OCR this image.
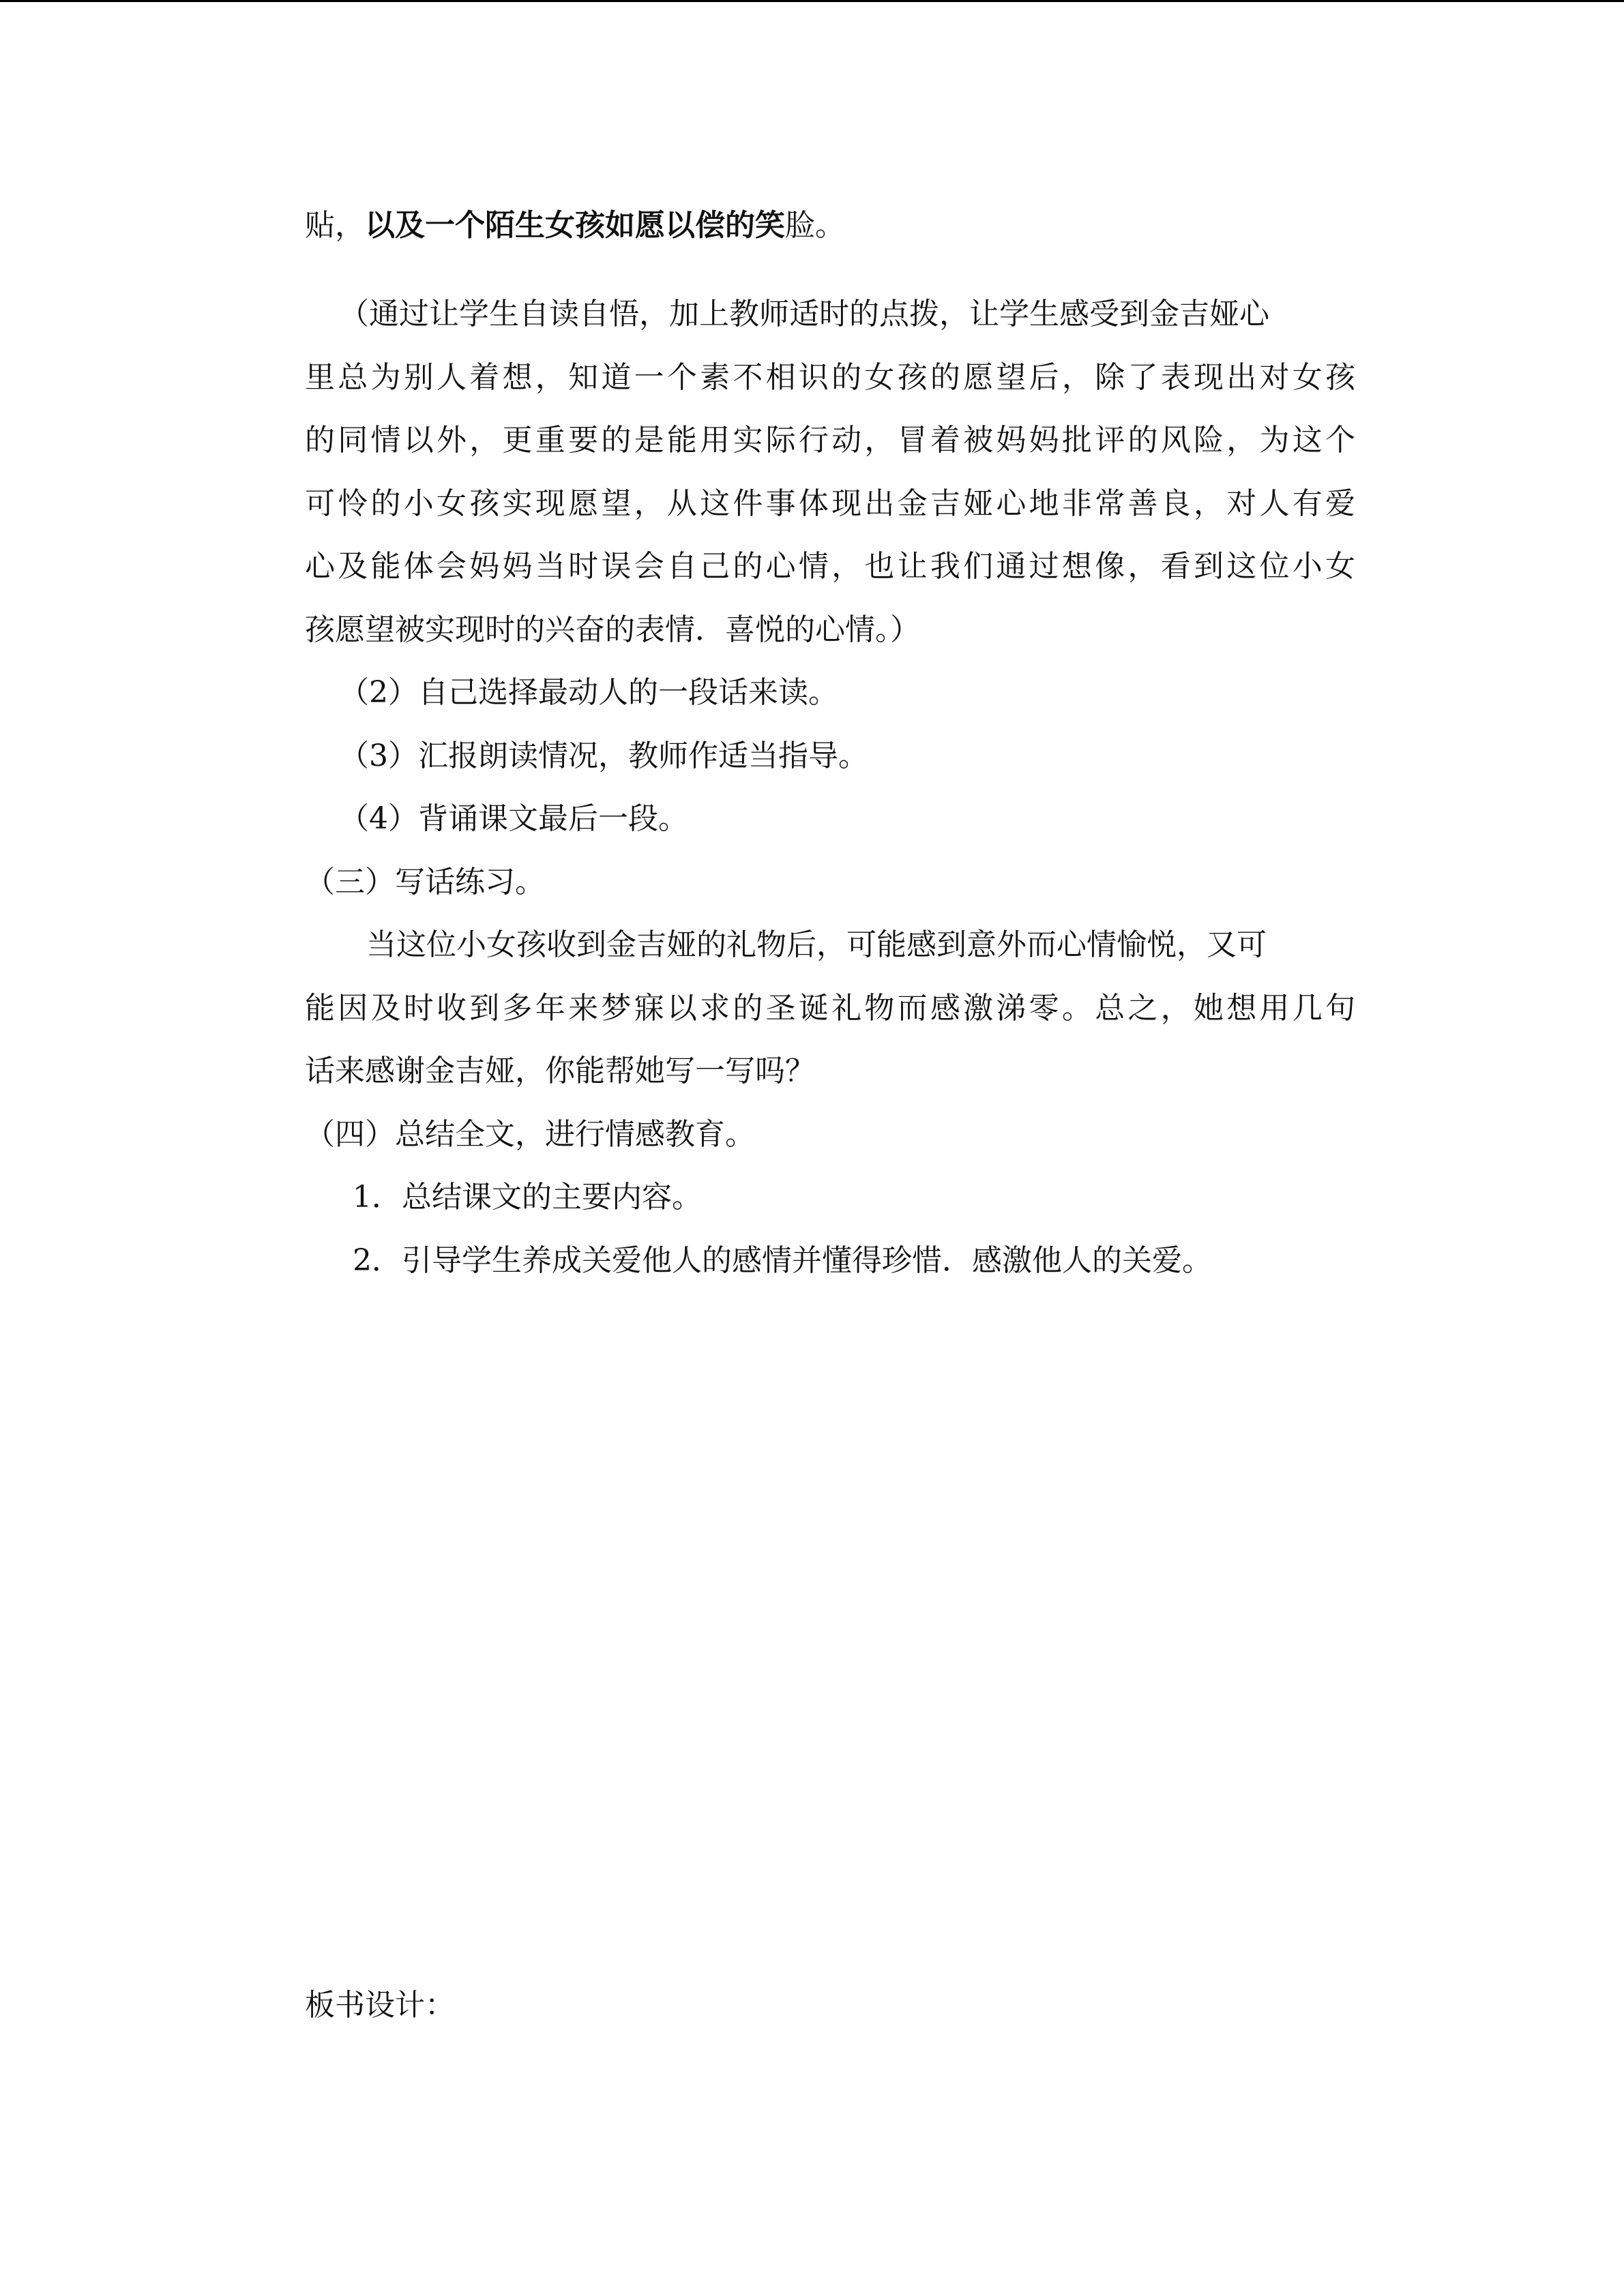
贴，以及一个陌生女孩如愿以偿的笑脸。
（通过让学生自读自悟，加上教师适时的点拨，让学生感受到金吉娅心
里总为别人着想，知道一个素不相识的女孩的愿望后，除了表现出对女孩
的同情以外，更重要的是能用实际行动，冒着被妈妈批评的风险，为这个
可怜的小女孩实现愿望，从这件事体现出金吉娅心地非常善良，对人有爱
心及能体会妈妈当时误会自己的心情，也让我们通过想像，看到这位小女
孩愿望被实现时的兴奋的表情．喜悦的心情。）
（2）自己选择最动人的一段话来读。
（3）汇报朗读情况，教师作适当指导。
（4）背诵课文最后一段。
（三）写话练习。
当这位小女孩收到金吉娅的礼物后，可能感到意外而心情愉悦，又可
能因及时收到多年来梦寐以求的圣诞礼物而感激涕零。总之，她想用几句
话来感谢金吉娅，你能帮她写一写吗？
（四）总结全文，进行情感教育。
1．总结课文的主要内容。
2．引导学生养成关爱他人的感情并懂得珍惜．感激他人的关爱。
板书设计：
